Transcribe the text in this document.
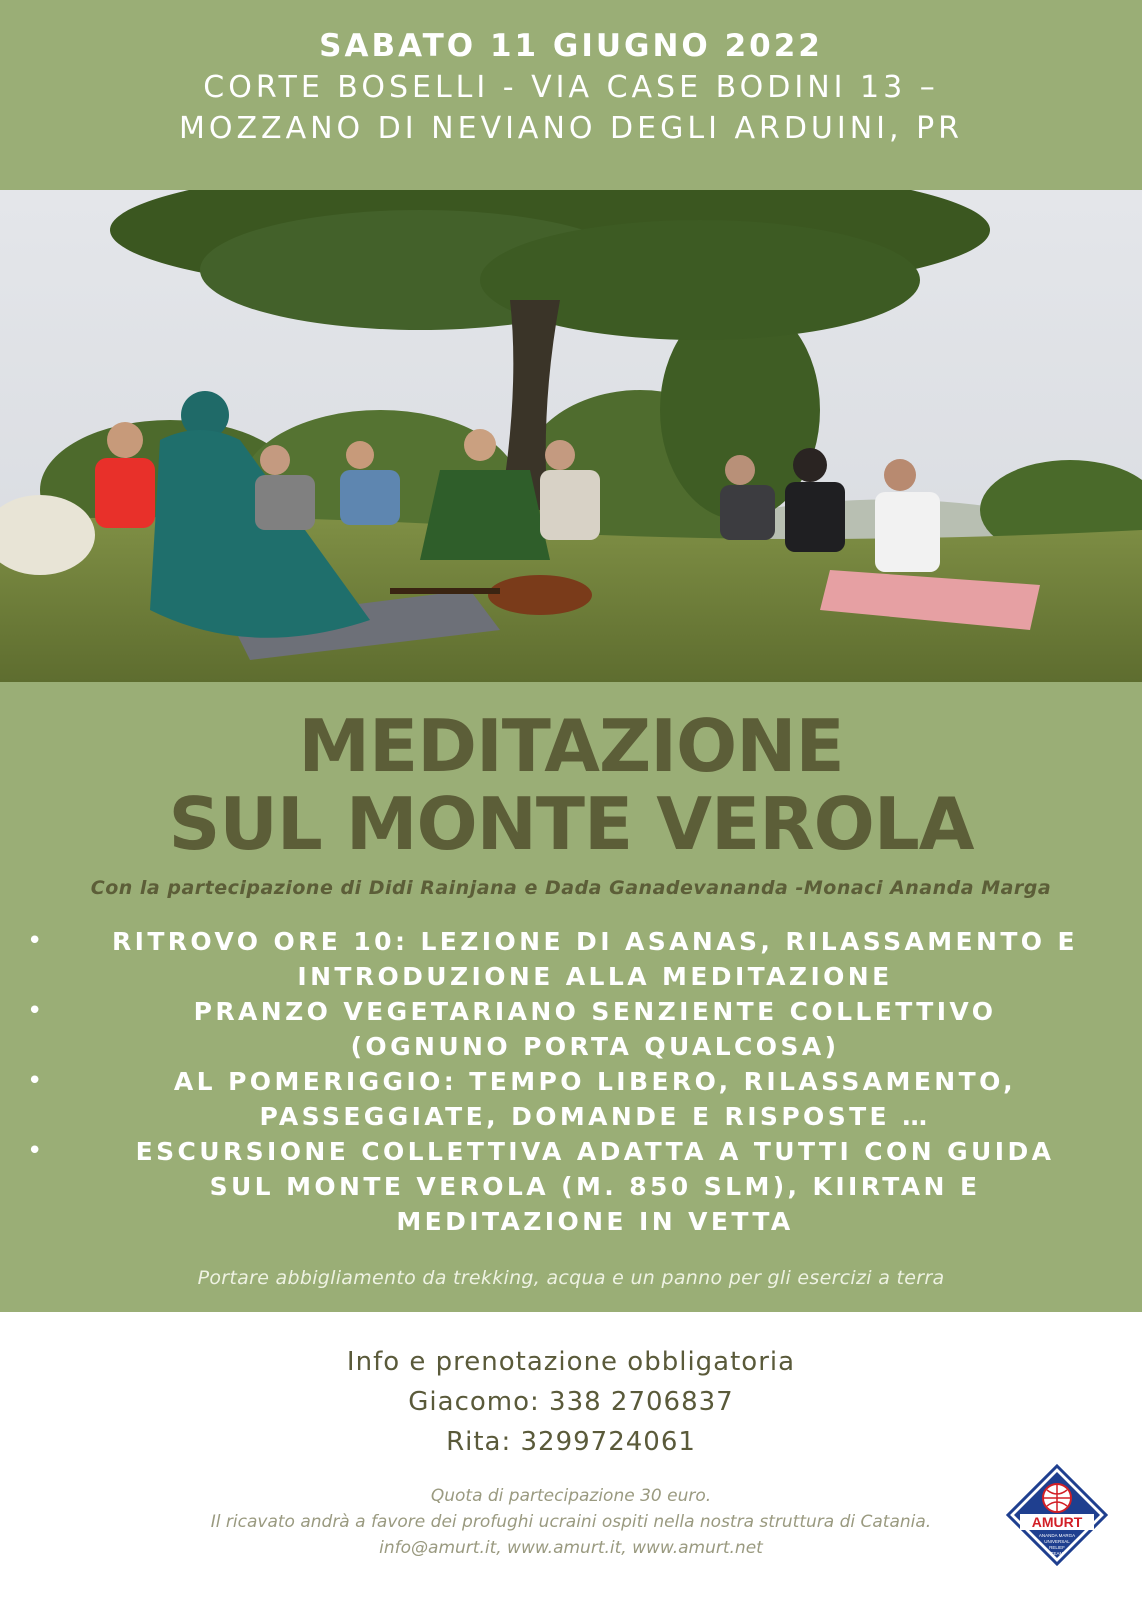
SABATO 11 GIUGNO 2022
CORTE BOSELLI - VIA CASE BODINI 13 –
MOZZANO DI NEVIANO DEGLI ARDUINI, PR
MEDITAZIONE
SUL MONTE VEROLA
Con la partecipazione di Didi Rainjana e Dada Ganadevananda -Monaci Ananda Marga
•	RITROVO ORE 10: LEZIONE DI ASANAS, RILASSAMENTO E
INTRODUZIONE ALLA MEDITAZIONE
•	PRANZO VEGETARIANO SENZIENTE COLLETTIVO
(OGNUNO PORTA QUALCOSA)
•	AL POMERIGGIO: TEMPO LIBERO, RILASSAMENTO,
PASSEGGIATE, DOMANDE E RISPOSTE …
•	ESCURSIONE COLLETTIVA ADATTA A TUTTI CON GUIDA
SUL MONTE VEROLA (M. 850 SLM), KIIRTAN E
MEDITAZIONE IN VETTA
Portare abbigliamento da trekking, acqua e un panno per gli esercizi a terra
Info e prenotazione obbligatoria
Giacomo: 338 2706837
Rita: 3299724061
Quota di partecipazione 30 euro.
Il ricavato andrà a favore dei profughi ucraini ospiti nella nostra struttura di Catania.
info@amurt.it, www.amurt.it, www.amurt.net
AMURT
ANANDA MARGA
UNIVERSAL
RELIEF
TEAM
